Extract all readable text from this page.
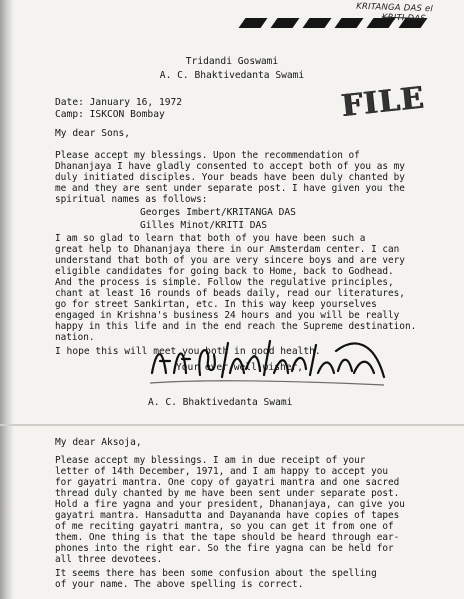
KRITANGA DAS el
KRITI DAS
Tridandi Goswami
A. C. Bhaktivedanta Swami
FILE
Date: January 16, 1972
Camp: ISKCON Bombay
My dear Sons,
Please accept my blessings. Upon the recommendation of
Dhananjaya I have gladly consented to accept both of you as my
duly initiated disciples. Your beads have been duly chanted by
me and they are sent under separate post. I have given you the
spiritual names as follows:
Georges Imbert/KRITANGA DAS
Gilles Minot/KRITI DAS
I am so glad to learn that both of you have been such a
great help to Dhananjaya there in our Amsterdam center. I can
understand that both of you are very sincere boys and are very
eligible candidates for going back to Home, back to Godhead.
And the process is simple. Follow the regulative principles,
chant at least 16 rounds of beads daily, read our literatures,
go for street Sankirtan, etc. In this way keep yourselves
engaged in Krishna's business 24 hours and you will be really
happy in this life and in the end reach the Supreme destination.
nation.
I hope this will meet you both in good health.
Your ever well-wisher,
A. C. Bhaktivedanta Swami
My dear Aksoja,
Please accept my blessings. I am in due receipt of your
letter of 14th December, 1971, and I am happy to accept you
for gayatri mantra. One copy of gayatri mantra and one sacred
thread duly chanted by me have been sent under separate post.
Hold a fire yagna and your president, Dhananjaya, can give you
gayatri mantra. Hansadutta and Dayananda have copies of tapes
of me reciting gayatri mantra, so you can get it from one of
them. One thing is that the tape should be heard through ear-
phones into the right ear. So the fire yagna can be held for
all three devotees.
It seems there has been some confusion about the spelling
of your name. The above spelling is correct.
